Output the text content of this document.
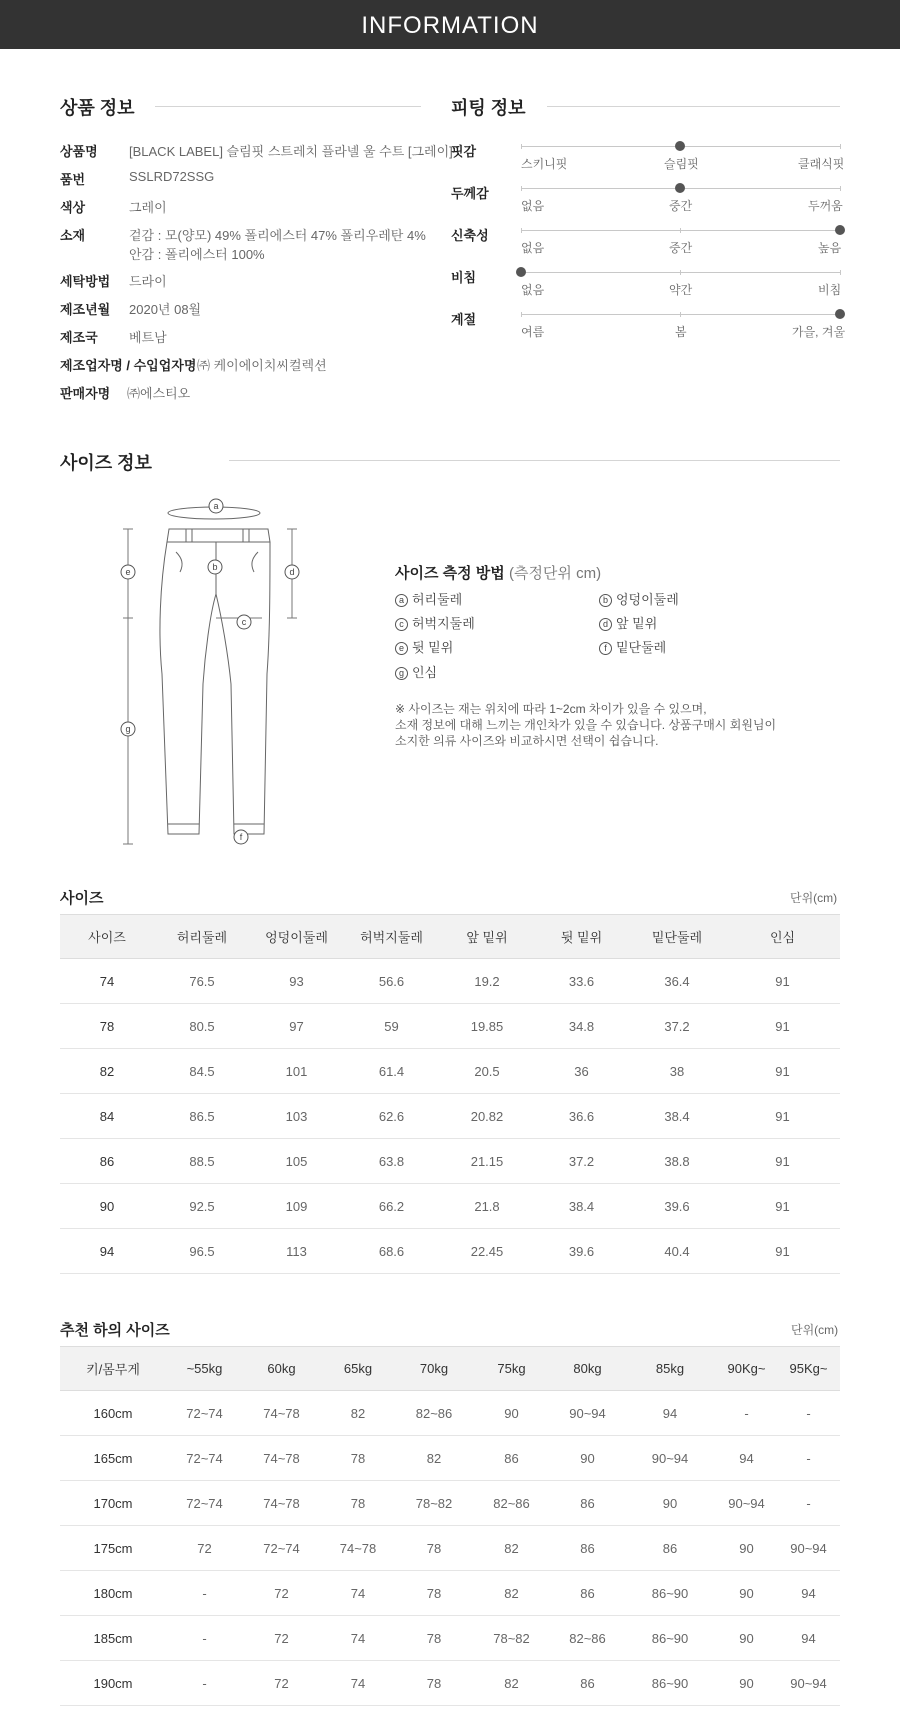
INFORMATION
상품 정보
상품명 [BLACK LABEL] 슬림핏 스트레치 플라넬 울 수트 [그레이]
품번	SSLRD72SSG
색상	그레이
소재	겉감 : 모(양모) 49% 폴리에스터 47% 폴리우레탄 4%
안감 : 폴리에스터 100%
세탁방법 드라이
제조년월 2020년 08월
제조국 베트남
제조업자명 / 수입업자명 ㈜ 케이에이치씨컬렉션
판매자명 ㈜에스티오
피팅 정보
핏감
스키니핏	슬림핏	클래식핏
두께감
없음	중간	두꺼움
신축성
없음	중간	높음
비침
없음	약간	비침
계절
여름	봄	가을, 겨울
사이즈 정보
a
b
c
d
e
f
g
사이즈 측정 방법 (측정단위 cm)
a 허리둘레	b 엉덩이둘레
c 허벅지둘레	d 앞 밑위
e 뒷 밑위	f 밑단둘레
g 인심
※ 사이즈는 재는 위치에 따라 1~2cm 차이가 있을 수 있으며,
소재 정보에 대해 느끼는 개인차가 있을 수 있습니다. 상품구매시 회원님이
소지한 의류 사이즈와 비교하시면 선택이 쉽습니다.
사이즈	단위(cm)
사이즈	허리둘레	엉덩이둘레	허벅지둘레	앞 밑위	뒷 밑위	밑단둘레	인심
74	76.5	93	56.6	19.2	33.6	36.4	91
78	80.5	97	59	19.85	34.8	37.2	91
82	84.5	101	61.4	20.5	36	38	91
84	86.5	103	62.6	20.82	36.6	38.4	91
86	88.5	105	63.8	21.15	37.2	38.8	91
90	92.5	109	66.2	21.8	38.4	39.6	91
94	96.5	113	68.6	22.45	39.6	40.4	91
추천 하의 사이즈	단위(cm)
키/몸무게	~55kg	60kg	65kg	70kg	75kg	80kg	85kg	90Kg~	95Kg~
160cm	72~74	74~78	82	82~86	90	90~94	94	-	-
165cm	72~74	74~78	78	82	86	90	90~94	94	-
170cm	72~74	74~78	78	78~82	82~86	86	90	90~94	-
175cm	72	72~74	74~78	78	82	86	86	90	90~94
180cm	-	72	74	78	82	86	86~90	90	94
185cm	-	72	74	78	78~82	82~86	86~90	90	94
190cm	-	72	74	78	82	86	86~90	90	90~94
